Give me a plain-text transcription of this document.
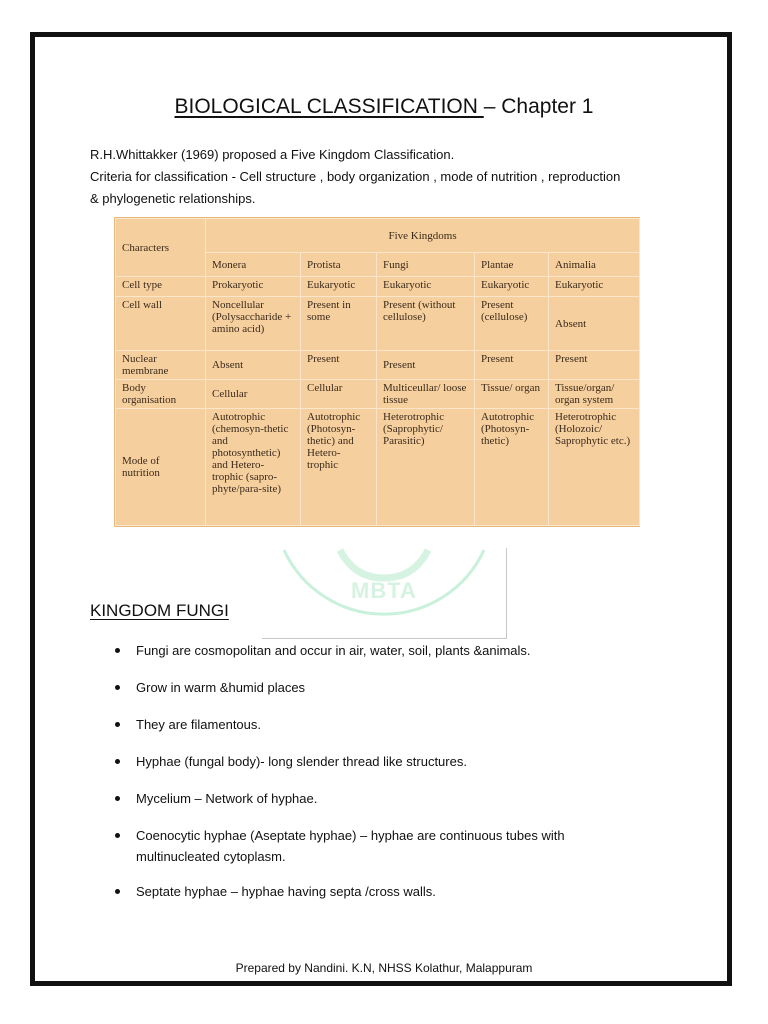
BIOLOGICAL CLASSIFICATION – Chapter 1
R.H.Whittakker (1969) proposed a Five Kingdom Classification.
Criteria for classification - Cell structure , body organization , mode of nutrition , reproduction
& phylogenetic relationships.
Characters	Five Kingdoms				
	Monera	Protista	Fungi	Plantae	Animalia
Cell type	Prokaryotic	Eukaryotic	Eukaryotic	Eukaryotic	Eukaryotic
Cell wall	Noncellular (Polysaccharide + amino acid)	Present in some	Present (without cellulose)	Present (cellulose)	Absent
Nuclear membrane	Absent	Present	Present	Present	Present
Body organisation	Cellular	Cellular	Multiceullar/ loose tissue	Tissue/ organ	Tissue/organ/ organ system
Mode of nutrition	Autotrophic (chemosyn-thetic and photosynthetic) and Hetero-trophic (sapro-phyte/para-site)	Autotrophic (Photosyn-thetic) and Hetero-trophic	Heterotrophic (Saprophytic/ Parasitic)	Autotrophic (Photosyn-thetic)	Heterotrophic (Holozoic/ Saprophytic etc.)
MBTA
KINGDOM FUNGI
Fungi are cosmopolitan and occur in air, water, soil, plants &animals.
Grow in warm &humid places
They are filamentous.
Hyphae (fungal body)- long slender thread like structures.
Mycelium – Network of hyphae.
Coenocytic hyphae (Aseptate hyphae) – hyphae are continuous tubes with multinucleated cytoplasm.
Septate hyphae – hyphae having septa /cross walls.
Prepared by Nandini. K.N, NHSS Kolathur, Malappuram
